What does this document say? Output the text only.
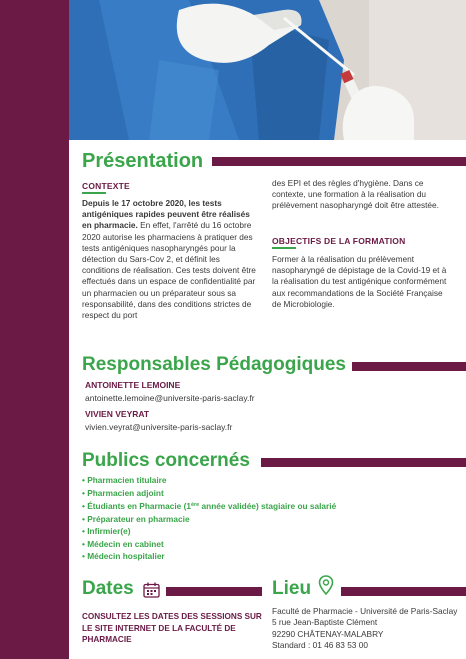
Présentation
CONTEXTE
Depuis le 17 octobre 2020, les tests antigéniques rapides peuvent être réalisés en pharmacie. En effet, l'arrêté du 16 octobre 2020 autorise les pharmaciens à pratiquer des tests antigéniques nasopharyngés pour la détection du Sars-Cov 2, et définit les conditions de réalisation. Ces tests doivent être effectués dans un espace de confidentialité par un pharmacien ou un préparateur sous sa responsabilité, dans des conditions strictes de respect du port
des EPI et des règles d'hygiène. Dans ce contexte, une formation à la réalisation du prélèvement nasopharyngé doit être attestée.
OBJECTIFS DE LA FORMATION
Former à la réalisation du prélèvement nasopharyngé de dépistage de la Covid-19 et à la réalisation du test antigénique conformément aux recommandations de la Société Française de Microbiologie.
Responsables Pédagogiques
ANTOINETTE LEMOINE
antoinette.lemoine@universite-paris-saclay.fr
VIVIEN VEYRAT
vivien.veyrat@universite-paris-saclay.fr
Publics concernés
• Pharmacien titulaire
• Pharmacien adjoint
• Étudiants en Pharmacie (1ère année validée) stagiaire ou salarié
• Préparateur en pharmacie
• Infirmier(e)
• Médecin en cabinet
• Médecin hospitalier
Dates
CONSULTEZ LES DATES DES SESSIONS SUR LE SITE INTERNET DE LA FACULTÉ DE PHARMACIE
Lieu
Faculté de Pharmacie - Université de Paris-Saclay
5 rue Jean-Baptiste Clément
92290 CHÂTENAY-MALABRY
Standard : 01 46 83 53 00
